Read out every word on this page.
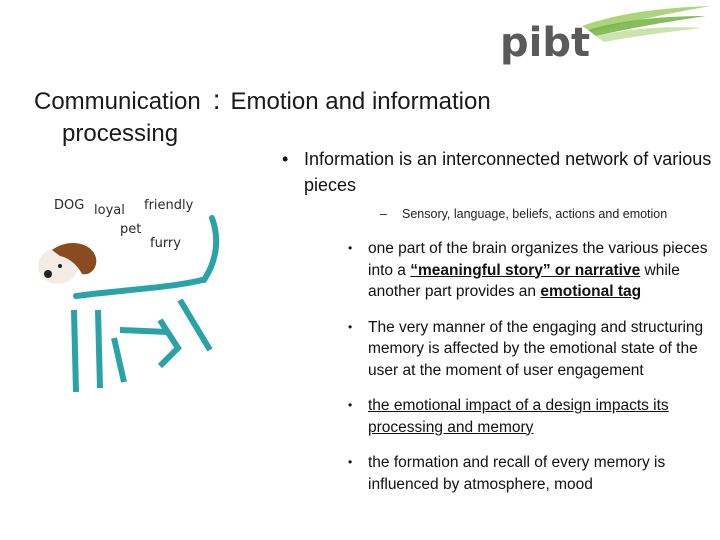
pibt
Communication : Emotion and information
processing
DOG loyal friendly
pet
furry
• Information is an interconnected network of various pieces
–	Sensory, language, beliefs, actions and emotion
•	one part of the brain organizes the various pieces into a “meaningful story” or narrative while another part provides an emotional tag
•	The very manner of the engaging and structuring memory is affected by the emotional state of the user at the moment of user engagement
•	the emotional impact of a design impacts its processing and memory
•	the formation and recall of every memory is influenced by atmosphere, mood
